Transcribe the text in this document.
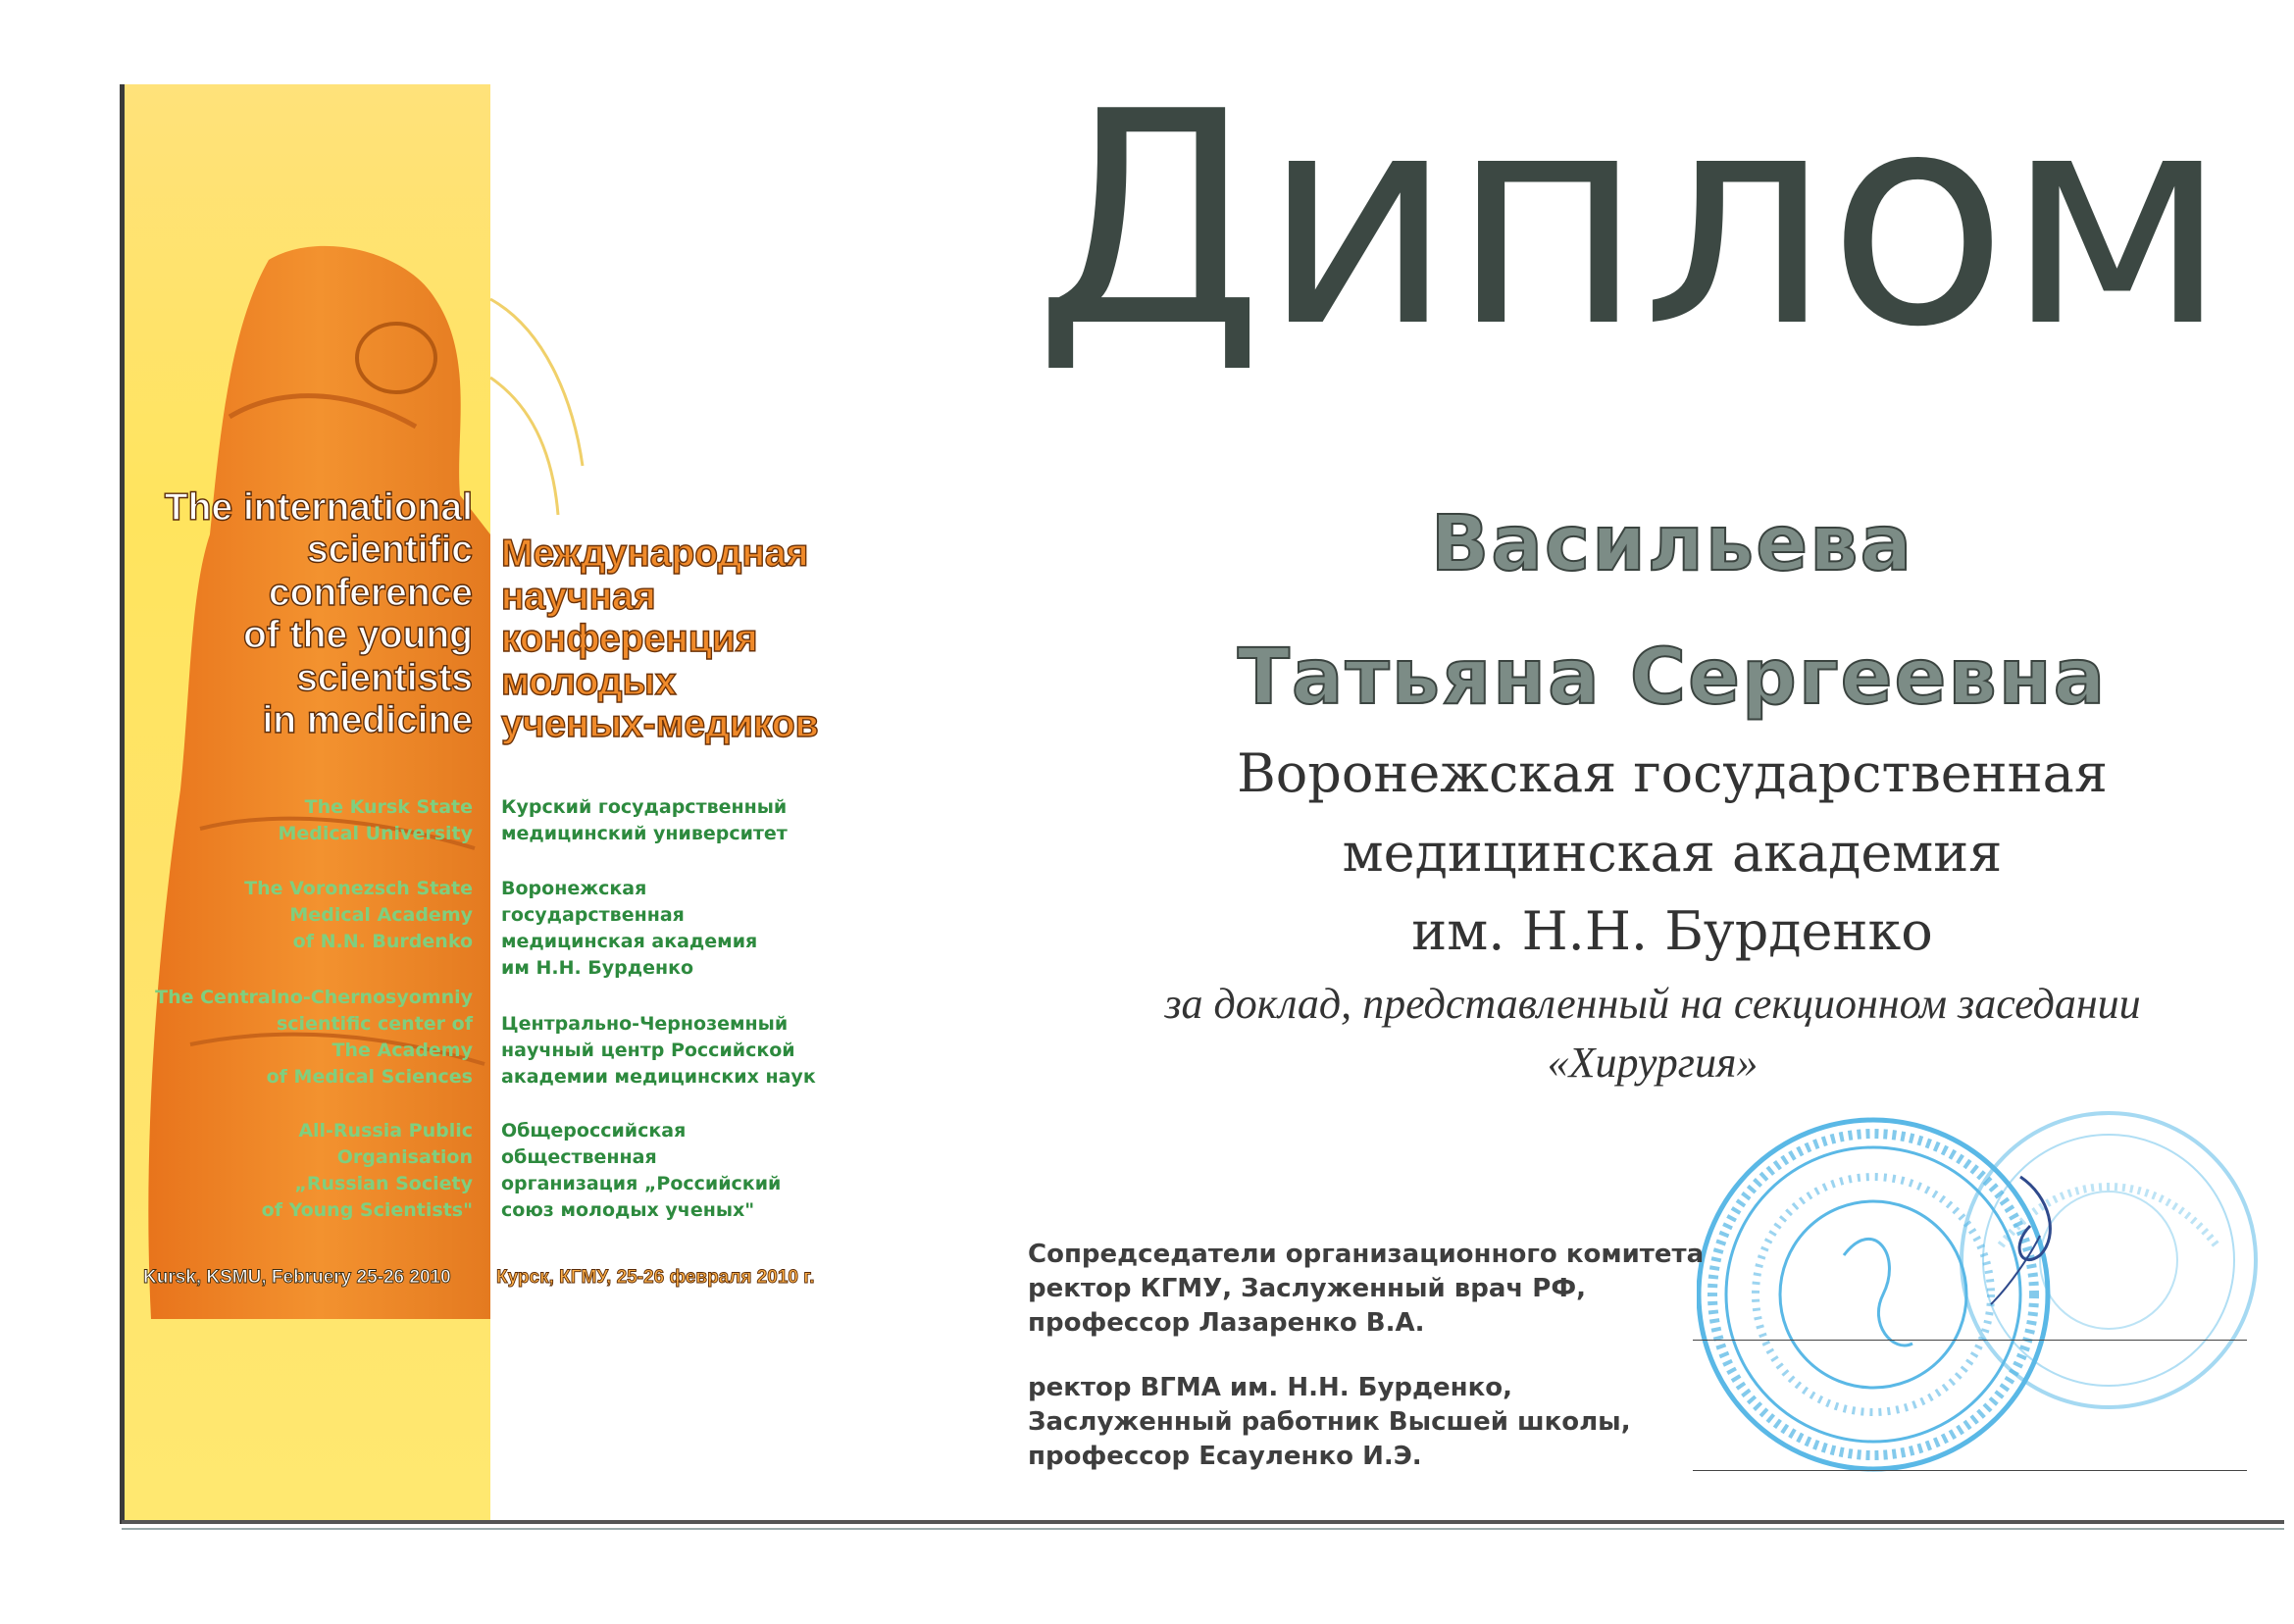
The international
scientific
conference
of the young
scientists
in medicine
Международная
научная
конференция
молодых
ученых-медиков
The Kursk State
Medical University
The Voronezsch State
Medical Academy
of N.N. Burdenko
The Centralno-Chernosyomniy
scientific center of
The Academy
of Medical Sciences
All-Russia Public
Organisation
„Russian Society
of Young Scientists"
Курский государственный
медицинский университет
Воронежская
государственная
медицинская академия
им Н.Н. Бурденко
Центрально-Черноземный
научный центр Российской
академии медицинских наук
Общероссийская
общественная
организация „Российский
союз молодых ученых"
Kursk, KSMU, Februery 25-26 2010 Курск, КГМУ, 25-26 февраля 2010 г.
Диплом
Васильева
Татьяна Сергеевна
Воронежская государственная
медицинская академия
им. Н.Н. Бурденко
за доклад, представленный на секционном заседании
«Хирургия»
Сопредседатели организационного комитета
ректор КГМУ, Заслуженный врач РФ,
профессор Лазаренко В.А.
ректор ВГМА им. Н.Н. Бурденко,
Заслуженный работник Высшей школы,
профессор Есауленко И.Э.
